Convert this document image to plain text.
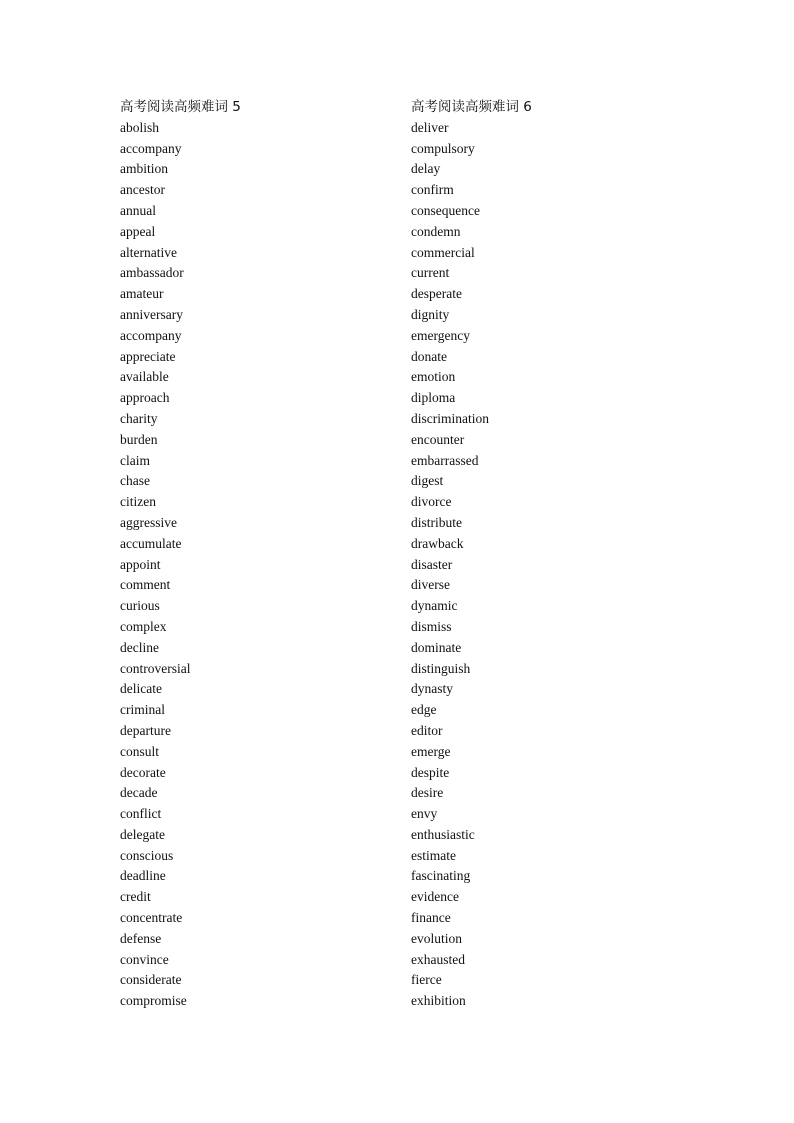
高考阅读高频难词 5
abolish
accompany
ambition
ancestor
annual
appeal
alternative
ambassador
amateur
anniversary
accompany
appreciate
available
approach
charity
burden
claim
chase
citizen
aggressive
accumulate
appoint
comment
curious
complex
decline
controversial
delicate
criminal
departure
consult
decorate
decade
conflict
delegate
conscious
deadline
credit
concentrate
defense
convince
considerate
compromise
高考阅读高频难词 6
deliver
compulsory
delay
confirm
consequence
condemn
commercial
current
desperate
dignity
emergency
donate
emotion
diploma
discrimination
encounter
embarrassed
digest
divorce
distribute
drawback
disaster
diverse
dynamic
dismiss
dominate
distinguish
dynasty
edge
editor
emerge
despite
desire
envy
enthusiastic
estimate
fascinating
evidence
finance
evolution
exhausted
fierce
exhibition
